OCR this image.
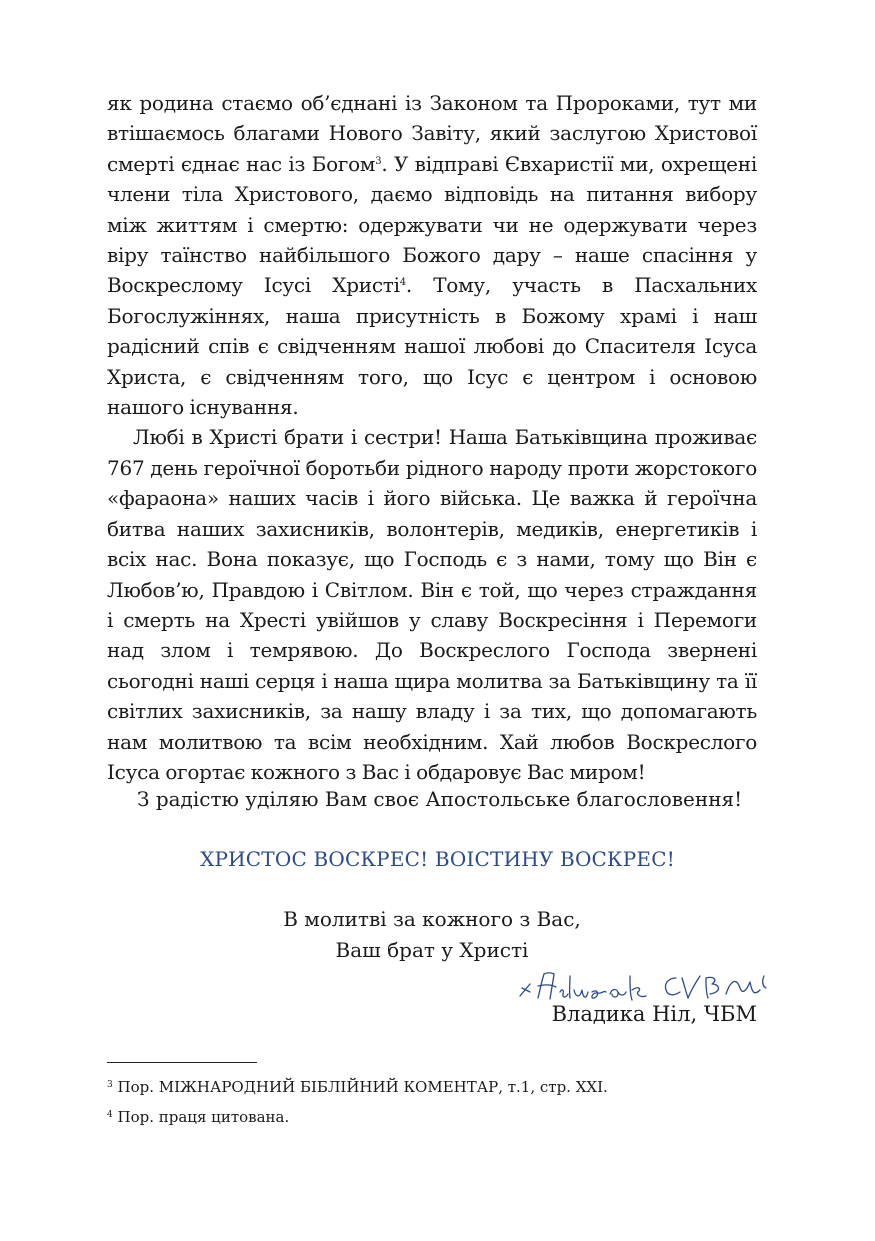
як родина стаємо об’єднані із Законом та Пророками, тут ми втішаємось благами Нового Завіту, який заслугою Христової смерті єднає нас із Богом$^3$. У відправі Євхаристії ми, охрещені члени тіла Христового, даємо відповідь на питання вибору між життям і смертю: одержувати чи не одержувати через віру таїнство найбільшого Божого дару – наше спасіння у Воскреслому Ісусі Христі$^4$. Тому, участь в Пасхальних Богослужіннях, наша присутність в Божому храмі і наш радісний спів є свідченням нашої любові до Спасителя Ісуса Христа, є свідченням того, що Ісус є центром і основою нашого існування.

Любі в Христі брати і сестри! Наша Батьківщина проживає 767 день героїчної боротьби рідного народу проти жорстокого «фараона» наших часів і його війська. Це важка й героїчна битва наших захисників, волонтерів, медиків, енергетиків і всіх нас. Вона показує, що Господь є з нами, тому що Він є Любов’ю, Правдою і Світлом. Він є той, що через страждання і смерть на Хресті увійшов у славу Воскресіння і Перемоги над злом і темрявою. До Воскреслого Господа звернені сьогодні наші серця і наша щира молитва за Батьківщину та її світлих захисників, за нашу владу і за тих, що допомагають нам молитвою та всім необхідним. Хай любов Воскреслого Ісуса огортає кожного з Вас і обдаровує Вас миром!

З радістю уділяю Вам своє Апостольське благословення!
ХРИСТОС ВОСКРЕС! ВОІСТИНУ ВОСКРЕС!
В молитві за кожного з Вас,
Ваш брат у Христі
Владика Ніл, ЧБМ
$^3$ Пор. МІЖНАРОДНИЙ БІБЛІЙНИЙ КОМЕНТАР, т.1, стр. XXI.
$^4$ Пор. праця цитована.
